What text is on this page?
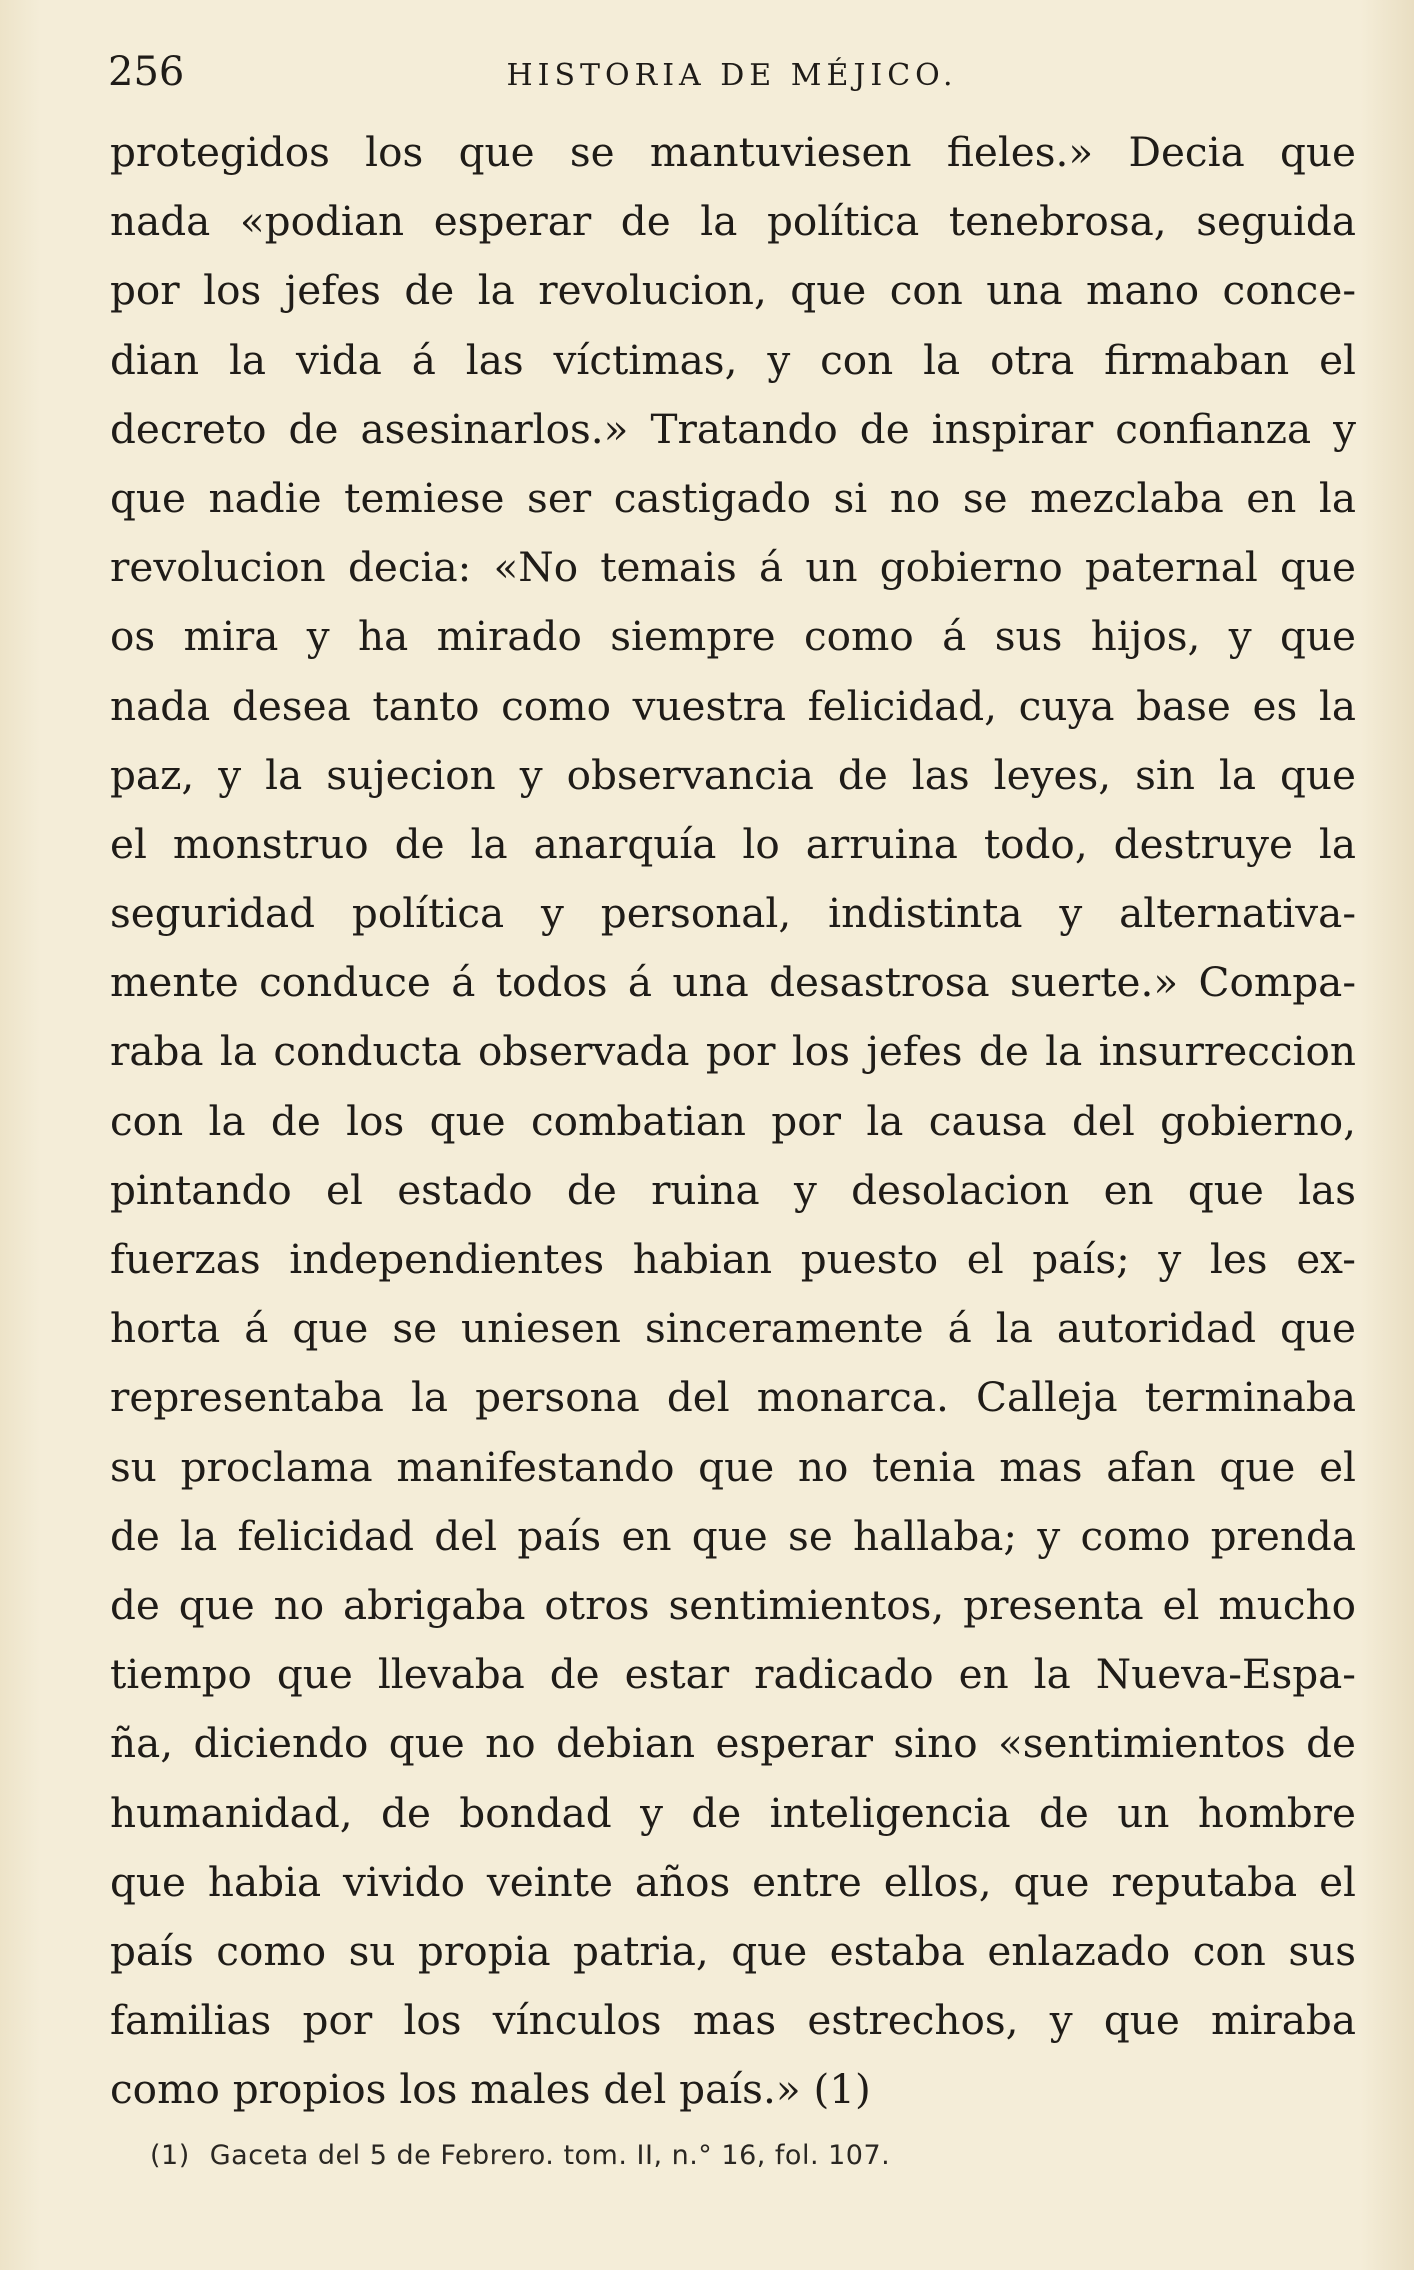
256	HISTORIA DE MÉJICO.
protegidos los que se mantuviesen fieles.» Decia que
nada «podian esperar de la política tenebrosa, seguida
por los jefes de la revolucion, que con una mano conce-
dian la vida á las víctimas, y con la otra firmaban el
decreto de asesinarlos.» Tratando de inspirar confianza y
que nadie temiese ser castigado si no se mezclaba en la
revolucion decia: «No temais á un gobierno paternal que
os mira y ha mirado siempre como á sus hijos, y que
nada desea tanto como vuestra felicidad, cuya base es la
paz, y la sujecion y observancia de las leyes, sin la que
el monstruo de la anarquía lo arruina todo, destruye la
seguridad política y personal, indistinta y alternativa-
mente conduce á todos á una desastrosa suerte.» Compa-
raba la conducta observada por los jefes de la insurreccion
con la de los que combatian por la causa del gobierno,
pintando el estado de ruina y desolacion en que las
fuerzas independientes habian puesto el país; y les ex-
horta á que se uniesen sinceramente á la autoridad que
representaba la persona del monarca. Calleja terminaba
su proclama manifestando que no tenia mas afan que el
de la felicidad del país en que se hallaba; y como prenda
de que no abrigaba otros sentimientos, presenta el mucho
tiempo que llevaba de estar radicado en la Nueva-Espa-
ña, diciendo que no debian esperar sino «sentimientos de
humanidad, de bondad y de inteligencia de un hombre
que habia vivido veinte años entre ellos, que reputaba el
país como su propia patria, que estaba enlazado con sus
familias por los vínculos mas estrechos, y que miraba
como propios los males del país.» (1)
(1) Gaceta del 5 de Febrero. tom. II, n.° 16, fol. 107.
